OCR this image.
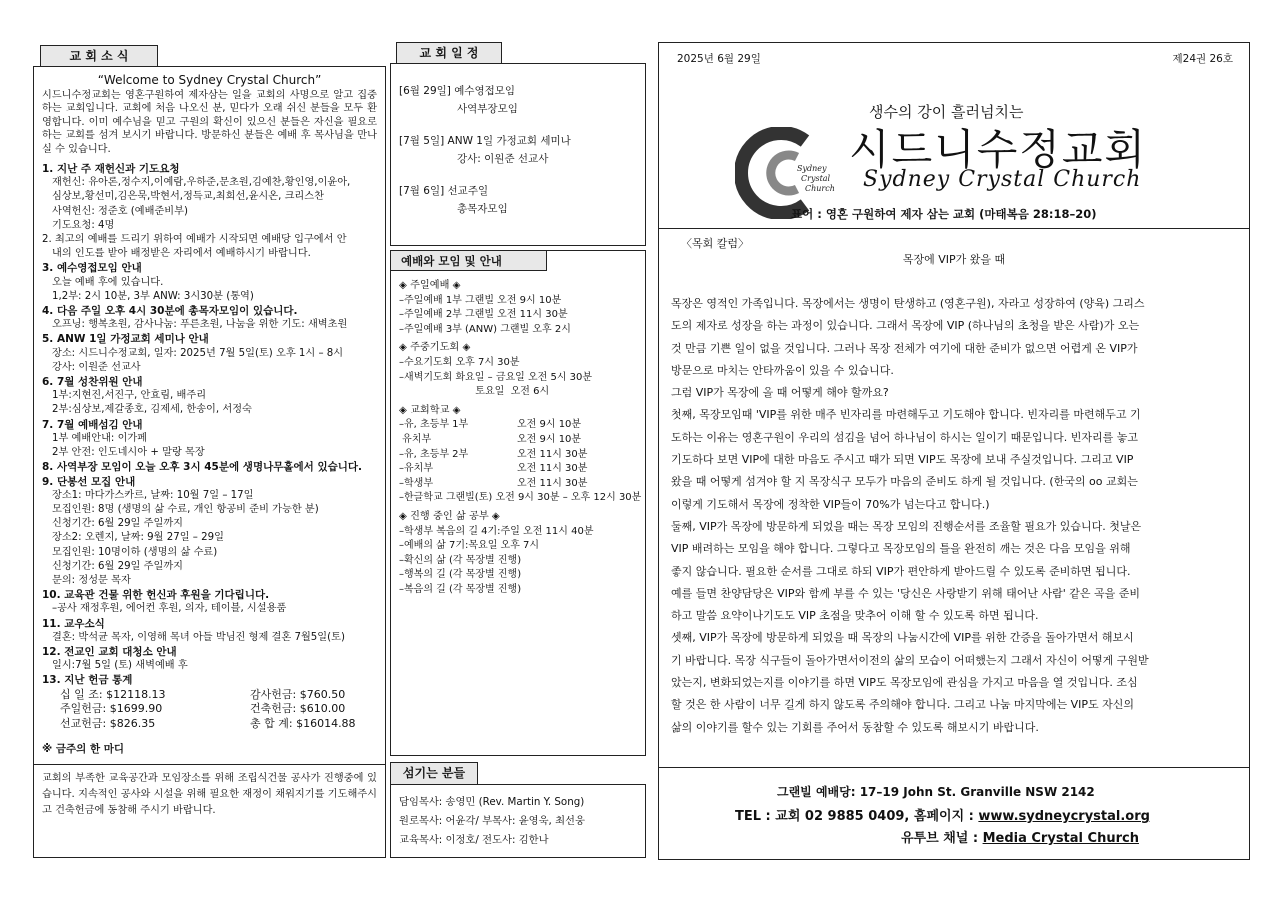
교 회 소 식
“Welcome to Sydney Crystal Church”
시드니수정교회는 영혼구원하여 제자삼는 일을 교회의 사명으로 알고 집중하는 교회입니다. 교회에 처음 나오신 분, 믿다가 오래 쉬신 분들을 모두 환영합니다. 이미 예수님을 믿고 구원의 확신이 있으신 분들은 자신을 필요로 하는 교회를 섬겨 보시기 바랍니다. 방문하신 분들은 예배 후 목사님을 만나실 수 있습니다.
1. 지난 주 재헌신과 기도요청
재헌신: 유아론,정수지,이예람,우하준,문초원,김예찬,황인영,이윤아,
심상보,황선미,김은묵,박현서,정득교,최희선,윤시온, 크리스찬
사역헌신: 정준호 (예배준비부)
기도요청: 4명
2. 최고의 예배를 드리기 위하여 예배가 시작되면 예배당 입구에서 안
내의 인도를 받아 배정받은 자리에서 예배하시기 바랍니다.
3. 예수영접모임 안내
오늘 예배 후에 있습니다.
1,2부: 2시 10분, 3부 ANW: 3시30분 (통역)
4. 다음 주일 오후 4시 30분에 총목자모임이 있습니다.
오프닝: 행복초원, 감사나눔: 푸른초원, 나눔을 위한 기도: 새벽초원
5. ANW 1일 가정교회 세미나 안내
장소: 시드니수정교회, 일자: 2025년 7월 5일(토) 오후 1시 – 8시
강사: 이원준 선교사
6. 7월 성찬위원 안내
1부:지현진,서진구, 안효림, 배주리
2부:심상보,제갈종호, 김제세, 한송이, 서정숙
7. 7월 예배섬김 안내
1부 예배안내: 이가페
2부 안전: 인도네시아 + 말랑 목장
8. 사역부장 모임이 오늘 오후 3시 45분에 생명나무홀에서 있습니다.
9. 단봉선 모집 안내
장소1: 마다가스카르, 날짜: 10월 7일 – 17일
모집인원: 8명 (생명의 삶 수료, 개인 항공비 준비 가능한 분)
신청기간: 6월 29일 주일까지
장소2: 오렌지, 날짜: 9월 27일 – 29일
모집인원: 10명이하 (생명의 삶 수료)
신청기간: 6월 29일 주일까지
문의: 정성문 목자
10. 교육관 건물 위한 헌신과 후원을 기다립니다.
–공사 재정후원, 에어컨 후원, 의자, 테이블, 시설용품
11. 교우소식
결혼: 박석균 목자, 이영해 목녀 아들 박님진 형제 결혼 7월5일(토)
12. 전교인 교회 대청소 안내
일시:7월 5일 (토) 새벽예배 후
13. 지난 헌금 통계
십 일 조: $12118.13	감사헌금: $760.50
주일헌금: $1699.90	건축헌금: $610.00
선교헌금: $826.35	총 합 계: $16014.88
※ 금주의 한 마디
교회의 부족한 교육공간과 모임장소를 위해 조립식건물 공사가 진행중에 있습니다. 지속적인 공사와 시설을 위해 필요한 재정이 채워지기를 기도해주시고 건축헌금에 동참해 주시기 바랍니다.
교 회 일 정
[6월 29일] 예수영접모임
사역부장모임
[7월 5일] ANW 1일 가정교회 세미나
강사: 이원준 선교사
[7월 6일] 선교주일
총목자모임
예배와 모임 및 안내
◈ 주일예배 ◈
–주일예배 1부 그랜빌 오전 9시 10분
–주일예배 2부 그랜빌 오전 11시 30분
–주일예배 3부 (ANW) 그랜빌 오후 2시
◈ 주중기도회 ◈
–수요기도회 오후 7시 30분
–새벽기도회 화요일 – 금요일 오전 5시 30분
토요일  오전 6시
◈ 교회학교 ◈
–유, 초등부 1부	오전 9시 10분
유치부	오전 9시 10분
–유, 초등부 2부	오전 11시 30분
–유치부	오전 11시 30분
–학생부	오전 11시 30분
–한글학교 그랜빌(토) 오전 9시 30분 – 오후 12시 30분
◈ 진행 중인 삶 공부 ◈
–학생부 복음의 길 4기:주일 오전 11시 40분
–예배의 삶 7기:목요일 오후 7시
–확신의 삶 (각 목장별 진행)
–행복의 길 (각 목장별 진행)
–복음의 길 (각 목장별 진행)
섬기는 분들
담임목사: 송영민 (Rev. Martin Y. Song)
원로목사: 어윤각/ 부목사: 윤영욱, 최선웅
교육목사: 이정호/ 전도사: 김한나
2025년 6월 29일	제24권 26호
Sydney
Crystal
Church
생수의 강이 흘러넘치는
시드니수정교회
Sydney Crystal Church
표어 : 영혼 구원하여 제자 삼는 교회 (마태복음 28:18–20)
〈목회 칼럼〉
목장에 VIP가 왔을 때
목장은 영적인 가족입니다. 목장에서는 생명이 탄생하고 (영혼구원), 자라고 성장하여 (양육) 그리스
도의 제자로 성장을 하는 과정이 있습니다. 그래서 목장에 VIP (하나님의 초청을 받은 사람)가 오는
것 만큼 기쁜 일이 없을 것입니다. 그러나 목장 전체가 여기에 대한 준비가 없으면 어렵게 온 VIP가
방문으로 마치는 안타까움이 있을 수 있습니다.
그럼 VIP가 목장에 올 때 어떻게 해야 할까요?
첫째, 목장모임때 'VIP를 위한 매주 빈자리를 마련해두고 기도해야 합니다. 빈자리를 마련해두고 기
도하는 이유는 영혼구원이 우리의 섬김을 넘어 하나님이 하시는 일이기 때문입니다. 빈자리를 놓고
기도하다 보면 VIP에 대한 마음도 주시고 때가 되면 VIP도 목장에 보내 주실것입니다. 그리고 VIP
왔을 때 어떻게 섬겨야 할 지 목장식구 모두가 마음의 준비도 하게 될 것입니다. (한국의 oo 교회는
이렇게 기도해서 목장에 정착한 VIP들이 70%가 넘는다고 합니다.)
둘째, VIP가 목장에 방문하게 되었을 때는 목장 모임의 진행순서를 조율할 필요가 있습니다. 첫날은
VIP 배려하는 모임을 해야 합니다. 그렇다고 목장모임의 틀을 완전히 깨는 것은 다음 모임을 위해
좋지 않습니다. 필요한 순서를 그대로 하되 VIP가 편안하게 받아드릴 수 있도록 준비하면 됩니다.
예를 들면 찬양담당은 VIP와 함께 부를 수 있는 '당신은 사랑받기 위해 태어난 사람' 같은 곡을 준비
하고 말씀 요약이나기도도 VIP 초점을 맞추어 이해 할 수 있도록 하면 됩니다.
셋째, VIP가 목장에 방문하게 되었을 때 목장의 나눔시간에 VIP를 위한 간증을 돌아가면서 해보시
기 바랍니다. 목장 식구들이 돌아가면서이전의 삶의 모습이 어떠했는지 그래서 자신이 어떻게 구원받
았는지, 변화되었는지를 이야기를 하면 VIP도 목장모임에 관심을 가지고 마음을 열 것입니다. 조심
할 것은 한 사람이 너무 길게 하지 않도록 주의해야 합니다. 그리고 나눔 마지막에는 VIP도 자신의
삶의 이야기를 할수 있는 기회를 주어서 동참할 수 있도록 해보시기 바랍니다.
그랜빌 예배당: 17–19 John St. Granville NSW 2142
TEL : 교회 02 9885 0409, 홈페이지 : www.sydneycrystal.org
유투브 채널 : Media Crystal Church
